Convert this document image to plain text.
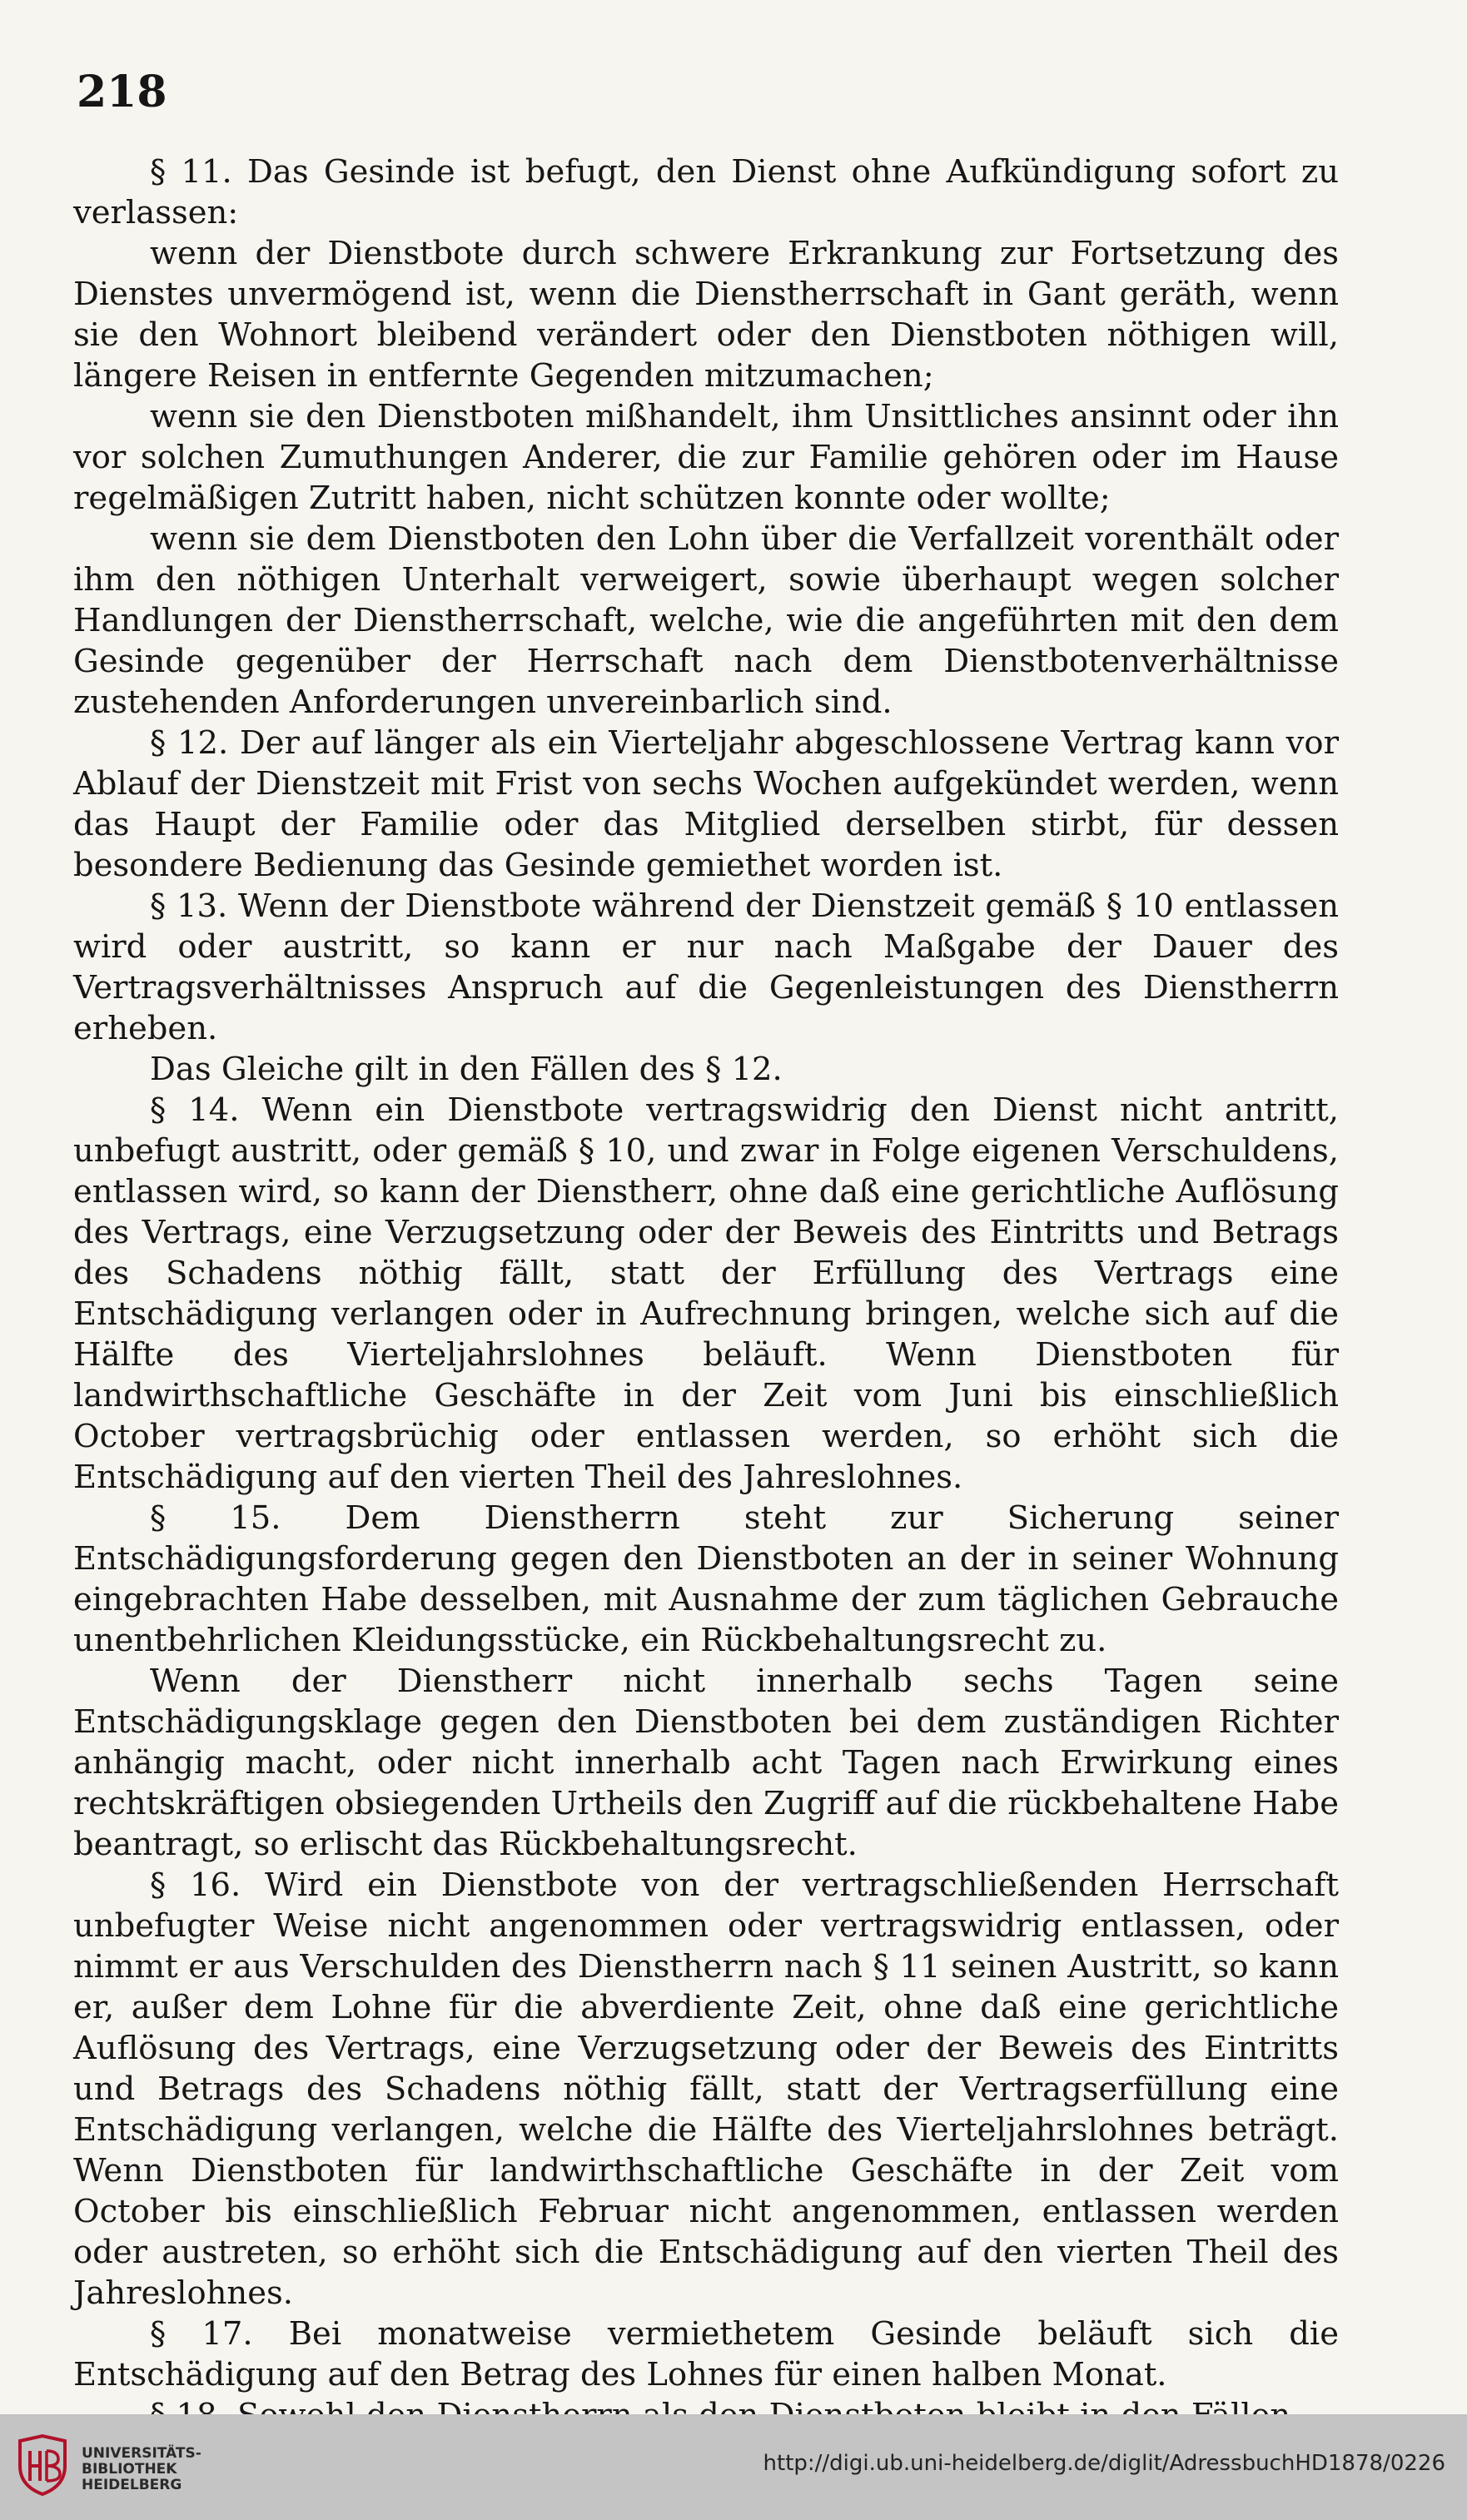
218

§ 11. Das Gesinde ist befugt, den Dienst ohne Aufkündigung sofort zu verlassen:

wenn der Dienstbote durch schwere Erkrankung zur Fortsetzung des Dienstes unvermögend ist, wenn die Dienstherrschaft in Gant geräth, wenn sie den Wohnort bleibend verändert oder den Dienstboten nöthigen will, längere Reisen in entfernte Gegenden mitzumachen;

wenn sie den Dienstboten mißhandelt, ihm Unsittliches ansinnt oder ihn vor solchen Zumuthungen Anderer, die zur Familie gehören oder im Hause regelmäßigen Zutritt haben, nicht schützen konnte oder wollte;

wenn sie dem Dienstboten den Lohn über die Verfallzeit vorenthält oder ihm den nöthigen Unterhalt verweigert, sowie überhaupt wegen solcher Handlungen der Dienstherrschaft, welche, wie die angeführten mit den dem Gesinde gegenüber der Herrschaft nach dem Dienstbotenverhältnisse zustehenden Anforderungen unvereinbarlich sind.

§ 12. Der auf länger als ein Vierteljahr abgeschlossene Vertrag kann vor Ablauf der Dienstzeit mit Frist von sechs Wochen aufgekündet werden, wenn das Haupt der Familie oder das Mitglied derselben stirbt, für dessen besondere Bedienung das Gesinde gemiethet worden ist.

§ 13. Wenn der Dienstbote während der Dienstzeit gemäß § 10 entlassen wird oder austritt, so kann er nur nach Maßgabe der Dauer des Vertragsverhältnisses Anspruch auf die Gegenleistungen des Dienstherrn erheben.

Das Gleiche gilt in den Fällen des § 12.

§ 14. Wenn ein Dienstbote vertragswidrig den Dienst nicht antritt, unbefugt austritt, oder gemäß § 10, und zwar in Folge eigenen Verschuldens, entlassen wird, so kann der Dienstherr, ohne daß eine gerichtliche Auflösung des Vertrags, eine Verzugsetzung oder der Beweis des Eintritts und Betrags des Schadens nöthig fällt, statt der Erfüllung des Vertrags eine Entschädigung verlangen oder in Aufrechnung bringen, welche sich auf die Hälfte des Vierteljahrslohnes beläuft. Wenn Dienstboten für landwirthschaftliche Geschäfte in der Zeit vom Juni bis einschließlich October vertragsbrüchig oder entlassen werden, so erhöht sich die Entschädigung auf den vierten Theil des Jahreslohnes.

§ 15. Dem Dienstherrn steht zur Sicherung seiner Entschädigungsforderung gegen den Dienstboten an der in seiner Wohnung eingebrachten Habe desselben, mit Ausnahme der zum täglichen Gebrauche unentbehrlichen Kleidungsstücke, ein Rückbehaltungsrecht zu.

Wenn der Dienstherr nicht innerhalb sechs Tagen seine Entschädigungsklage gegen den Dienstboten bei dem zuständigen Richter anhängig macht, oder nicht innerhalb acht Tagen nach Erwirkung eines rechtskräftigen obsiegenden Urtheils den Zugriff auf die rückbehaltene Habe beantragt, so erlischt das Rückbehaltungsrecht.

§ 16. Wird ein Dienstbote von der vertragschließenden Herrschaft unbefugter Weise nicht angenommen oder vertragswidrig entlassen, oder nimmt er aus Verschulden des Dienstherrn nach § 11 seinen Austritt, so kann er, außer dem Lohne für die abverdiente Zeit, ohne daß eine gerichtliche Auflösung des Vertrags, eine Verzugsetzung oder der Beweis des Eintritts und Betrags des Schadens nöthig fällt, statt der Vertragserfüllung eine Entschädigung verlangen, welche die Hälfte des Vierteljahrslohnes beträgt. Wenn Dienstboten für landwirthschaftliche Geschäfte in der Zeit vom October bis einschließlich Februar nicht angenommen, entlassen werden oder austreten, so erhöht sich die Entschädigung auf den vierten Theil des Jahreslohnes.

§ 17. Bei monatweise vermiethetem Gesinde beläuft sich die Entschädigung auf den Betrag des Lohnes für einen halben Monat.

UNIVERSITÄTS-
BIBLIOTHEK
HEIDELBERG
http://digi.ub.uni-heidelberg.de/diglit/AdressbuchHD1878/0226
